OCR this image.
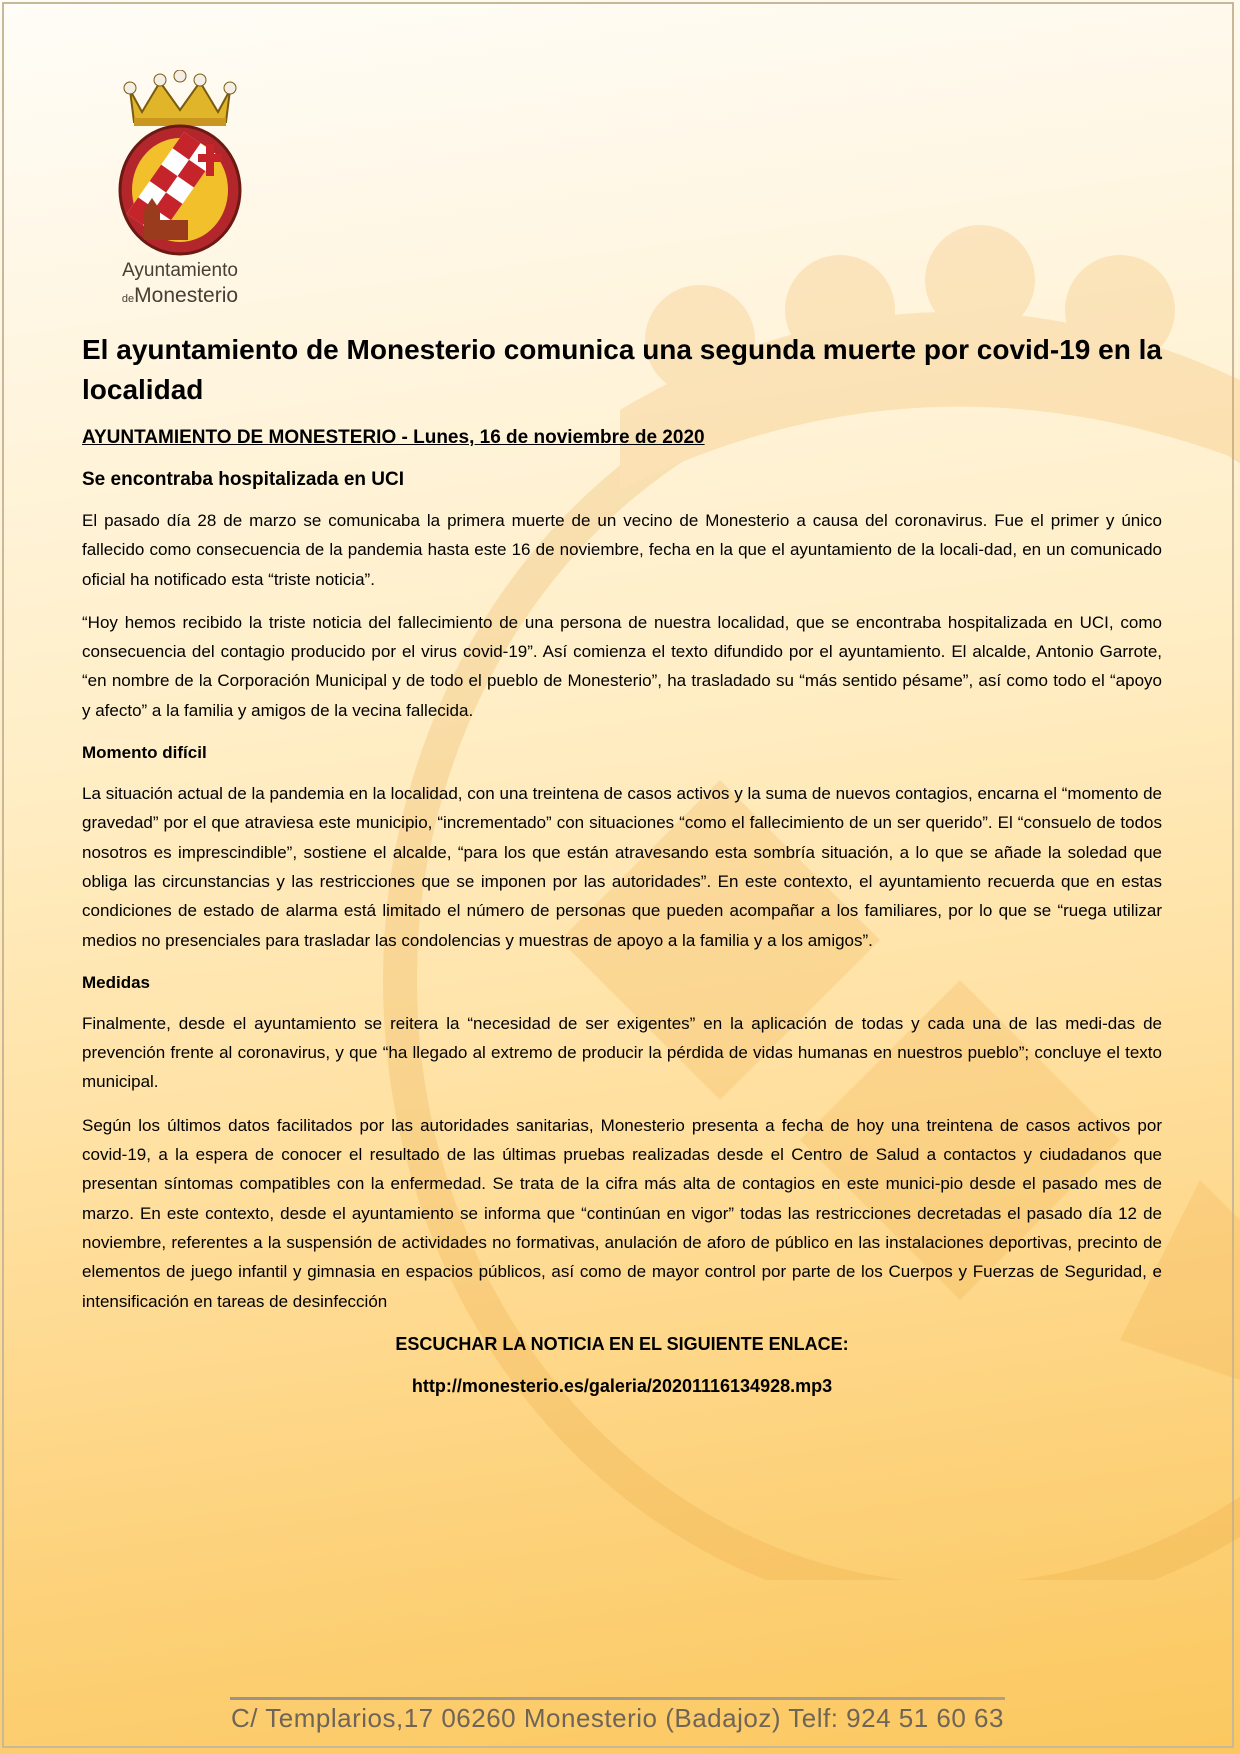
Ayuntamiento
deMonesterio
El ayuntamiento de Monesterio comunica una segunda muerte por covid-19 en la localidad
AYUNTAMIENTO DE MONESTERIO - Lunes, 16 de noviembre de 2020
Se encontraba hospitalizada en UCI

El pasado día 28 de marzo se comunicaba la primera muerte de un vecino de Monesterio a causa del coronavirus. Fue el primer y único fallecido como consecuencia de la pandemia hasta este 16 de noviembre, fecha en la que el ayuntamiento de la locali-dad, en un comunicado oficial ha notificado esta “triste noticia”.

“Hoy hemos recibido la triste noticia del fallecimiento de una persona de nuestra localidad, que se encontraba hospitalizada en UCI, como consecuencia del contagio producido por el virus covid-19”. Así comienza el texto difundido por el ayuntamiento. El alcalde, Antonio Garrote, “en nombre de la Corporación Municipal y de todo el pueblo de Monesterio”, ha trasladado su “más sentido pésame”, así como todo el “apoyo y afecto” a la familia y amigos de la vecina fallecida.

Momento difícil

La situación actual de la pandemia en la localidad, con una treintena de casos activos y la suma de nuevos contagios, encarna el “momento de gravedad” por el que atraviesa este municipio, “incrementado” con situaciones “como el fallecimiento de un ser querido”. El “consuelo de todos nosotros es imprescindible”, sostiene el alcalde, “para los que están atravesando esta sombría situación, a lo que se añade la soledad que obliga las circunstancias y las restricciones que se imponen por las autoridades”. En este contexto, el ayuntamiento recuerda que en estas condiciones de estado de alarma está limitado el número de personas que pueden acompañar a los familiares, por lo que se “ruega utilizar medios no presenciales para trasladar las condolencias y muestras de apoyo a la familia y a los amigos”.

Medidas

Finalmente, desde el ayuntamiento se reitera la “necesidad de ser exigentes” en la aplicación de todas y cada una de las medi-das de prevención frente al coronavirus, y que “ha llegado al extremo de producir la pérdida de vidas humanas en nuestros pueblo”; concluye el texto municipal.

Según los últimos datos facilitados por las autoridades sanitarias, Monesterio presenta a fecha de hoy una treintena de casos activos por covid-19, a la espera de conocer el resultado de las últimas pruebas realizadas desde el Centro de Salud a contactos y ciudadanos que presentan síntomas compatibles con la enfermedad. Se trata de la cifra más alta de contagios en este munici-pio desde el pasado mes de marzo. En este contexto, desde el ayuntamiento se informa que “continúan en vigor” todas las restricciones decretadas el pasado día 12 de noviembre, referentes a la suspensión de actividades no formativas, anulación de aforo de público en las instalaciones deportivas, precinto de elementos de juego infantil y gimnasia en espacios públicos, así como de mayor control por parte de los Cuerpos y Fuerzas de Seguridad, e intensificación en tareas de desinfección

ESCUCHAR LA NOTICIA EN EL SIGUIENTE ENLACE:
http://monesterio.es/galeria/20201116134928.mp3
C/ Templarios,17 06260 Monesterio (Badajoz) Telf: 924 51 60 63
